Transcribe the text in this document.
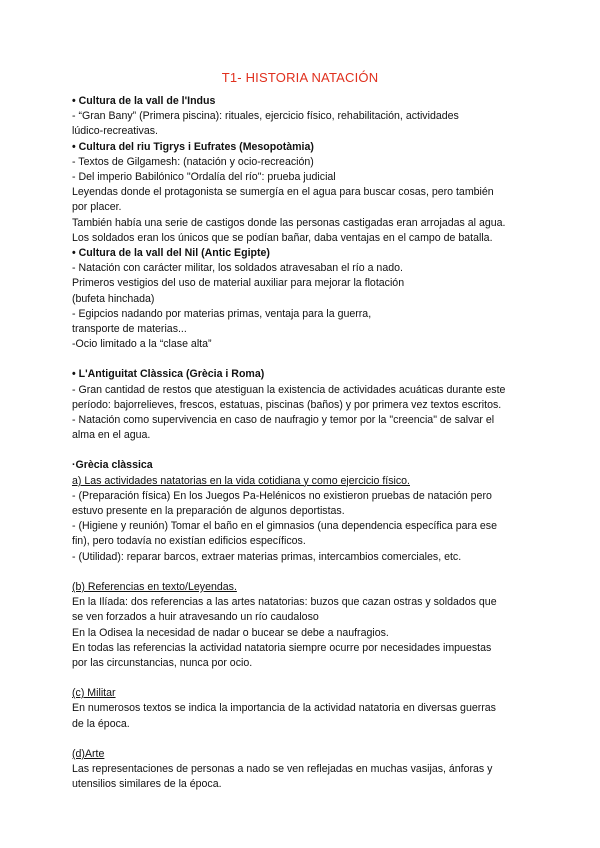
T1- HISTORIA NATACIÓN

• Cultura de la vall de l'Indus

- “Gran Bany” (Primera piscina): rituales, ejercicio físico, rehabilitación, actividades

lúdico-recreativas.

• Cultura del riu Tigrys i Eufrates (Mesopotàmia)

- Textos de Gilgamesh: (natación y ocio-recreación)

- Del imperio Babilónico "Ordalía del río": prueba judicial

Leyendas donde el protagonista se sumergía en el agua para buscar cosas, pero también

por placer.

También había una serie de castigos donde las personas castigadas eran arrojadas al agua.

Los soldados eran los únicos que se podían bañar, daba ventajas en el campo de batalla.

• Cultura de la vall del Nil (Antic Egipte)

- Natación con carácter militar, los soldados atravesaban el río a nado.

Primeros vestigios del uso de material auxiliar para mejorar la flotación

(bufeta hinchada)

- Egipcios nadando por materias primas, ventaja para la guerra,

transporte de materias...

-Ocio limitado a la “clase alta”

• L'Antiguitat Clàssica (Grècia i Roma)

- Gran cantidad de restos que atestiguan la existencia de actividades acuáticas durante este

período: bajorrelieves, frescos, estatuas, piscinas (baños) y por primera vez textos escritos.

- Natación como supervivencia en caso de naufragio y temor por la "creencia" de salvar el

alma en el agua.

·Grècia clàssica

a) Las actividades natatorias en la vida cotidiana y como ejercicio físico.

- (Preparación física) En los Juegos Pa-Helénicos no existieron pruebas de natación pero

estuvo presente en la preparación de algunos deportistas.

- (Higiene y reunión) Tomar el baño en el gimnasios (una dependencia específica para ese

fin), pero todavía no existían edificios específicos.

- (Utilidad): reparar barcos, extraer materias primas, intercambios comerciales, etc.

(b) Referencias en texto/Leyendas.

En la Ilíada: dos referencias a las artes natatorias: buzos que cazan ostras y soldados que

se ven forzados a huir atravesando un río caudaloso

En la Odisea la necesidad de nadar o bucear se debe a naufragios.

En todas las referencias la actividad natatoria siempre ocurre por necesidades impuestas

por las circunstancias, nunca por ocio.

(c) Militar

En numerosos textos se indica la importancia de la actividad natatoria en diversas guerras

de la época.

(d)Arte

Las representaciones de personas a nado se ven reflejadas en muchas vasijas, ánforas y

utensilios similares de la época.
